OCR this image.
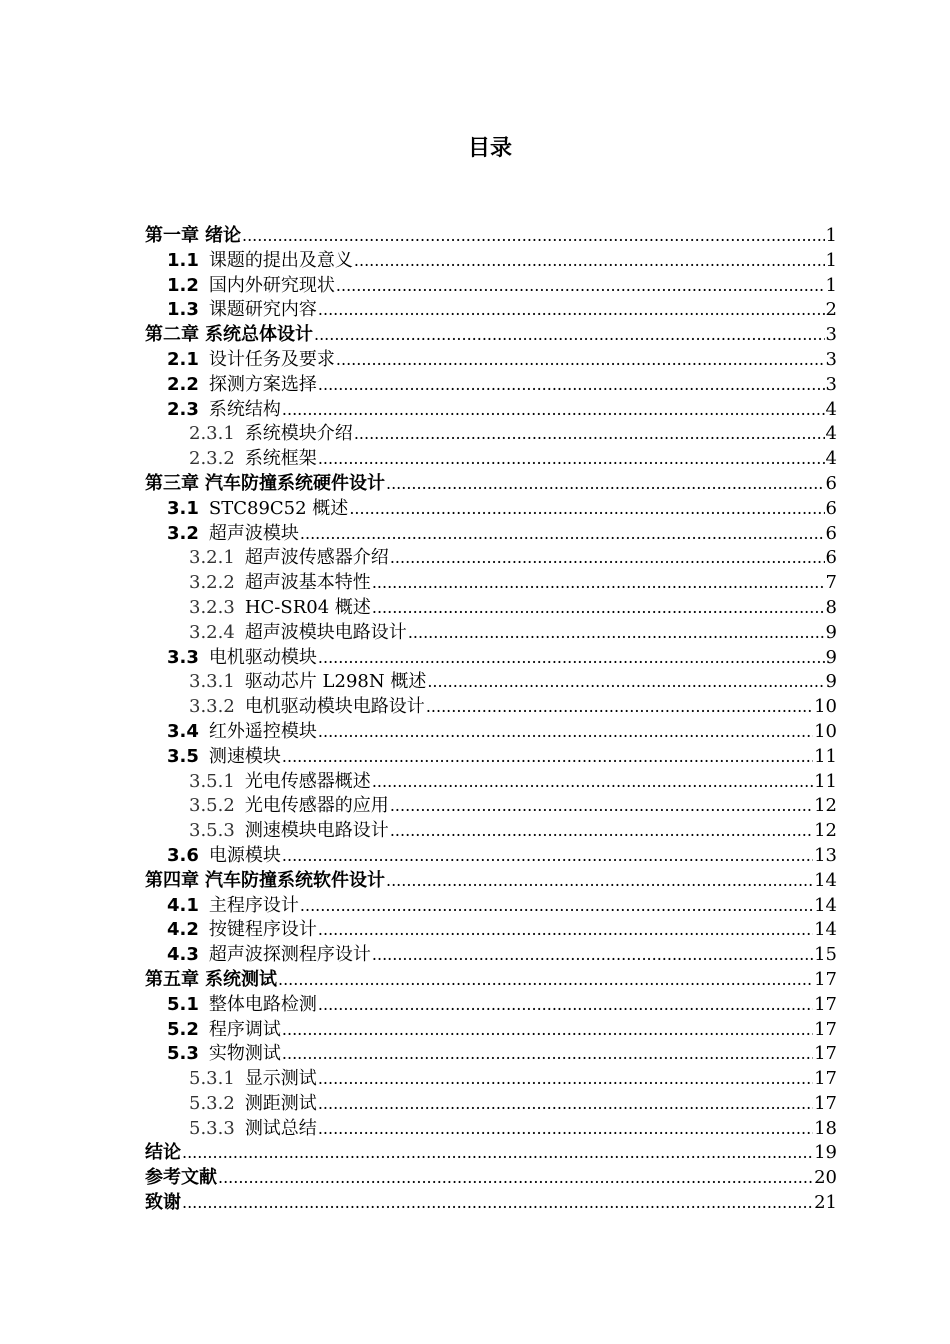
目录
第一章 绪论 .....	1
1.1 课题的提出及意义 .....	1
1.2 国内外研究现状 .....	1
1.3 课题研究内容 .....	2
第二章 系统总体设计 .....	3
2.1 设计任务及要求 .....	3
2.2 探测方案选择 .....	3
2.3 系统结构 .....	4
2.3.1 系统模块介绍 .....	4
2.3.2 系统框架 .....	4
第三章 汽车防撞系统硬件设计 .....	6
3.1 STC89C52 概述 .....	6
3.2 超声波模块 .....	6
3.2.1 超声波传感器介绍 .....	6
3.2.2 超声波基本特性 .....	7
3.2.3 HC-SR04 概述 .....	8
3.2.4 超声波模块电路设计 .....	9
3.3 电机驱动模块 .....	9
3.3.1 驱动芯片 L298N 概述 .....	9
3.3.2 电机驱动模块电路设计 .....	10
3.4 红外遥控模块 .....	10
3.5 测速模块 .....	11
3.5.1 光电传感器概述 .....	11
3.5.2 光电传感器的应用 .....	12
3.5.3 测速模块电路设计 .....	12
3.6 电源模块 .....	13
第四章 汽车防撞系统软件设计 .....	14
4.1 主程序设计 .....	14
4.2 按键程序设计 .....	14
4.3 超声波探测程序设计 .....	15
第五章 系统测试 .....	17
5.1 整体电路检测 .....	17
5.2 程序调试 .....	17
5.3 实物测试 .....	17
5.3.1 显示测试 .....	17
5.3.2 测距测试 .....	17
5.3.3 测试总结 .....	18
结论 .....	19
参考文献 .....	20
致谢 .....	21
